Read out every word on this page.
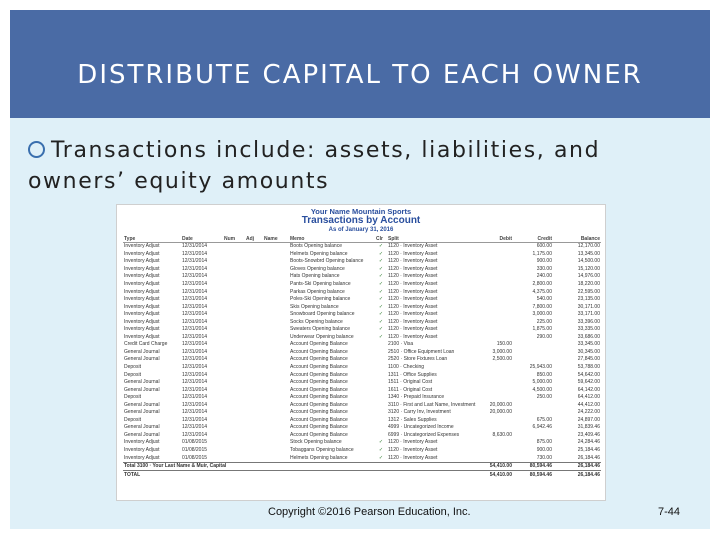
DISTRIBUTE CAPITAL TO EACH OWNER
Transactions include: assets, liabilities, and owners’ equity amounts
Your Name Mountain Sports
Transactions by Account
As of January 31, 2016
Type	Date	Num	Adj	Name	Memo	Clr	Split	Debit	Credit	Balance
Inventory Adjust	12/31/2014				Boots Opening balance	✓	1120 · Inventory Asset		600.00	12,170.00
Inventory Adjust	12/31/2014				Helmets Opening balance	✓	1120 · Inventory Asset		1,175.00	13,345.00
Inventory Adjust	12/31/2014				Boots-Snowbrd Opening balance	✓	1120 · Inventory Asset		900.00	14,500.00
Inventory Adjust	12/31/2014				Gloves Opening balance	✓	1120 · Inventory Asset		330.00	15,120.00
Inventory Adjust	12/31/2014				Hats Opening balance	✓	1120 · Inventory Asset		240.00	14,976.00
Inventory Adjust	12/31/2014				Pants-Ski Opening balance	✓	1120 · Inventory Asset		2,800.00	18,220.00
Inventory Adjust	12/31/2014				Parkas Opening balance	✓	1120 · Inventory Asset		4,375.00	22,595.00
Inventory Adjust	12/31/2014				Poles-Ski Opening balance	✓	1120 · Inventory Asset		540.00	23,135.00
Inventory Adjust	12/31/2014				Skis Opening balance	✓	1120 · Inventory Asset		7,800.00	30,171.00
Inventory Adjust	12/31/2014				Snowboard Opening balance	✓	1120 · Inventory Asset		3,000.00	33,171.00
Inventory Adjust	12/31/2014				Socks Opening balance	✓	1120 · Inventory Asset		225.00	33,396.00
Inventory Adjust	12/31/2014				Sweaters Opening balance	✓	1120 · Inventory Asset		1,875.00	33,335.00
Inventory Adjust	12/31/2014				Underwear Opening balance	✓	1120 · Inventory Asset		290.00	33,686.00
Credit Card Charge	12/31/2014				Account Opening Balance		2100 · Visa	150.00		33,345.00
General Journal	12/31/2014				Account Opening Balance		2510 · Office Equipment Loan	3,000.00		30,345.00
General Journal	12/31/2014				Account Opening Balance		2520 · Store Fixtures Loan	2,500.00		27,845.00
Deposit	12/31/2014				Account Opening Balance		1100 · Checking		25,943.00	53,788.00
Deposit	12/31/2014				Account Opening Balance		1311 · Office Supplies		850.00	54,642.00
General Journal	12/31/2014				Account Opening Balance		1511 · Original Cost		5,000.00	59,642.00
General Journal	12/31/2014				Account Opening Balance		1611 · Original Cost		4,500.00	64,142.00
Deposit	12/31/2014				Account Opening Balance		1340 · Prepaid Insurance		250.00	64,412.00
General Journal	12/31/2014				Account Opening Balance		3110 · First and Last Name, Investment	20,000.00		44,412.00
General Journal	12/31/2014				Account Opening Balance		3120 · Carry Inv, Investment	20,000.00		24,222.00
Deposit	12/31/2014				Account Opening Balance		1312 · Sales Supplies		675.00	24,897.00
General Journal	12/31/2014				Account Opening Balance		4999 · Uncategorized Income		6,942.46	31,839.46
General Journal	12/31/2014				Account Opening Balance		6999 · Uncategorized Expenses	8,630.00		23,409.46
Inventory Adjust	01/08/2015				Stock Opening balance	✓	1120 · Inventory Asset		875.00	24,284.46
Inventory Adjust	01/08/2015				Tobaggans Opening balance	✓	1120 · Inventory Asset		900.00	25,184.46
Inventory Adjust	01/08/2015				Helmets Opening balance	✓	1120 · Inventory Asset		730.00	26,184.46
Total 3100 · Your Last Name & Muir, Capital								54,410.00	80,594.46	26,184.46
TOTAL								54,410.00	80,594.46	26,184.46
Copyright ©2016 Pearson Education, Inc.	7-44
